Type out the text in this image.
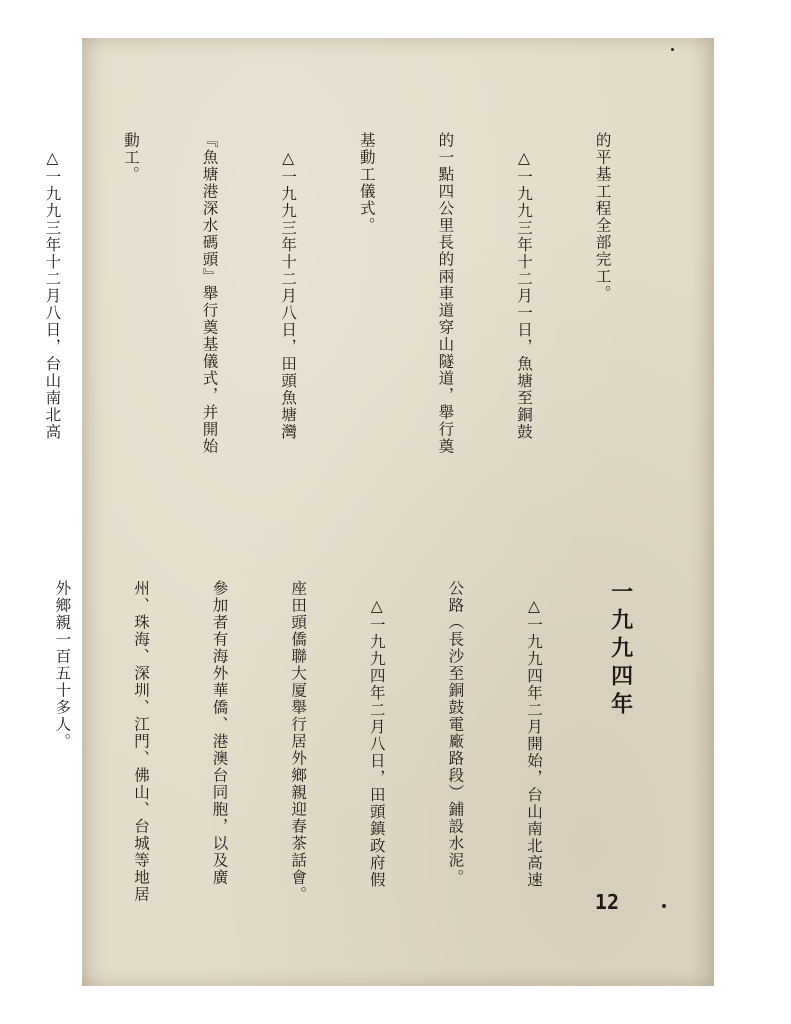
的平基工程全部完工。

　△一九九三年十二月一日，魚塘至銅鼓

的一點四公里長的兩車道穿山隧道，舉行奠

基動工儀式。

　△一九九三年十二月八日，田頭魚塘灣

『魚塘港深水碼頭』舉行奠基儀式，并開始

動工。

　△一九九三年十二月八日，台山南北高

一九九四年

　△一九九四年二月開始，台山南北高速

公路（長沙至銅鼓電廠路段）鋪設水泥。

　△一九九四年二月八日，田頭鎮政府假

座田頭僑聯大厦舉行居外鄉親迎春茶話會。

參加者有海外華僑、港澳台同胞，以及廣

州、珠海、深圳、江門、佛山、台城等地居

外鄉親一百五十多人。

12
